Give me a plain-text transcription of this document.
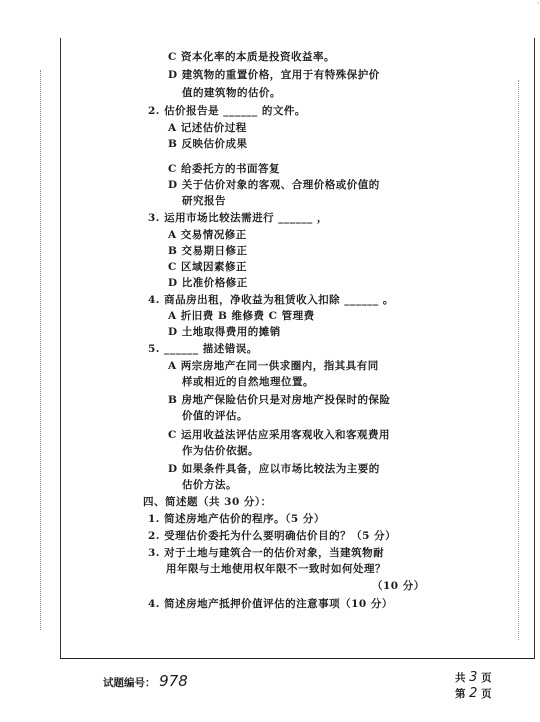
˙
C 资本化率的本质是投资收益率。
D 建筑物的重置价格，宜用于有特殊保护价
值的建筑物的估价。
2. 估价报告是 ______ 的文件。
A 记述估价过程
B 反映估价成果
C 给委托方的书面答复
D 关于估价对象的客观、合理价格或价值的
研究报告
3. 运用市场比较法需进行 ______ ，
A 交易情况修正
B 交易期日修正
C 区域因素修正
D 比准价格修正
4. 商品房出租，净收益为租赁收入扣除 ______ 。
A 折旧费 B 维修费 C 管理费
D 土地取得费用的摊销
5. ______ 描述错误。
A 两宗房地产在同一供求圈内，指其具有同
样或相近的自然地理位置。
B 房地产保险估价只是对房地产投保时的保险
价值的评估。
C 运用收益法评估应采用客观收入和客观费用
作为估价依据。
D 如果条件具备，应以市场比较法为主要的
估价方法。
四、简述题（共 30 分）：
1. 简述房地产估价的程序。（5 分）
2. 受理估价委托为什么要明确估价目的？（5 分）
3. 对于土地与建筑合一的估价对象，当建筑物耐
用年限与土地使用权年限不一致时如何处理？
（10 分）
4. 简述房地产抵押价值评估的注意事项（10 分）
试题编号： 978	共 3 页
第 2 页
